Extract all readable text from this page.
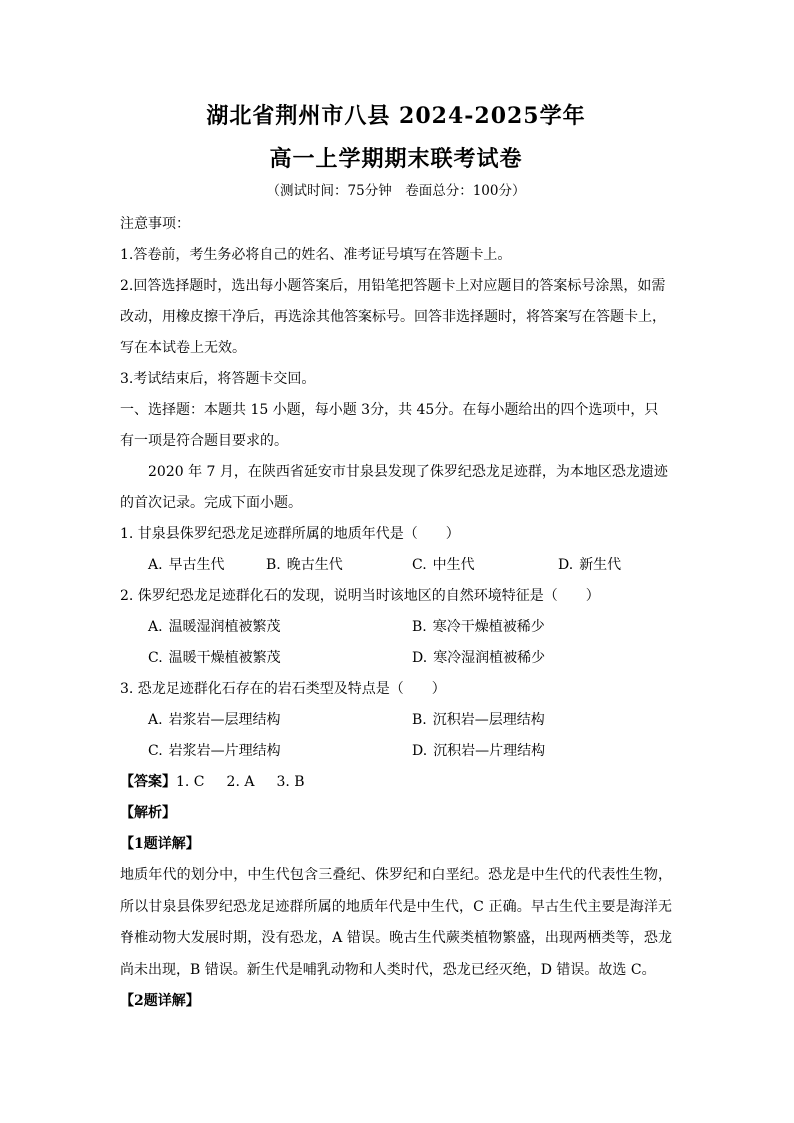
湖北省荆州市八县 2024-2025学年
高一上学期期末联考试卷
（测试时间：75分钟　卷面总分：100分）

注意事项：

1.答卷前，考生务必将自己的姓名、准考证号填写在答题卡上。

2.回答选择题时，选出每小题答案后，用铅笔把答题卡上对应题目的答案标号涂黑，如需改动，用橡皮擦干净后，再选涂其他答案标号。回答非选择题时，将答案写在答题卡上，写在本试卷上无效。

3.考试结束后，将答题卡交回。

一、选择题：本题共 15 小题，每小题 3分，共 45分。在每小题给出的四个选项中，只有一项是符合题目要求的。

2020 年 7 月，在陕西省延安市甘泉县发现了侏罗纪恐龙足迹群，为本地区恐龙遗迹的首次记录。完成下面小题。

1. 甘泉县侏罗纪恐龙足迹群所属的地质年代是（　　）

A. 早古生代	B. 晚古生代	C. 中生代	D. 新生代

2. 侏罗纪恐龙足迹群化石的发现，说明当时该地区的自然环境特征是（　　）

A. 温暖湿润植被繁茂	B. 寒冷干燥植被稀少
C. 温暖干燥植被繁茂	D. 寒冷湿润植被稀少

3. 恐龙足迹群化石存在的岩石类型及特点是（　　）

A. 岩浆岩—层理结构	B. 沉积岩—层理结构
C. 岩浆岩—片理结构	D. 沉积岩—片理结构

【答案】1. C 2. A 3. B

【解析】

【1题详解】

地质年代的划分中，中生代包含三叠纪、侏罗纪和白垩纪。恐龙是中生代的代表性生物，所以甘泉县侏罗纪恐龙足迹群所属的地质年代是中生代，C 正确。早古生代主要是海洋无脊椎动物大发展时期，没有恐龙，A 错误。晚古生代蕨类植物繁盛，出现两栖类等，恐龙尚未出现，B 错误。新生代是哺乳动物和人类时代，恐龙已经灭绝，D 错误。故选 C。

【2题详解】
